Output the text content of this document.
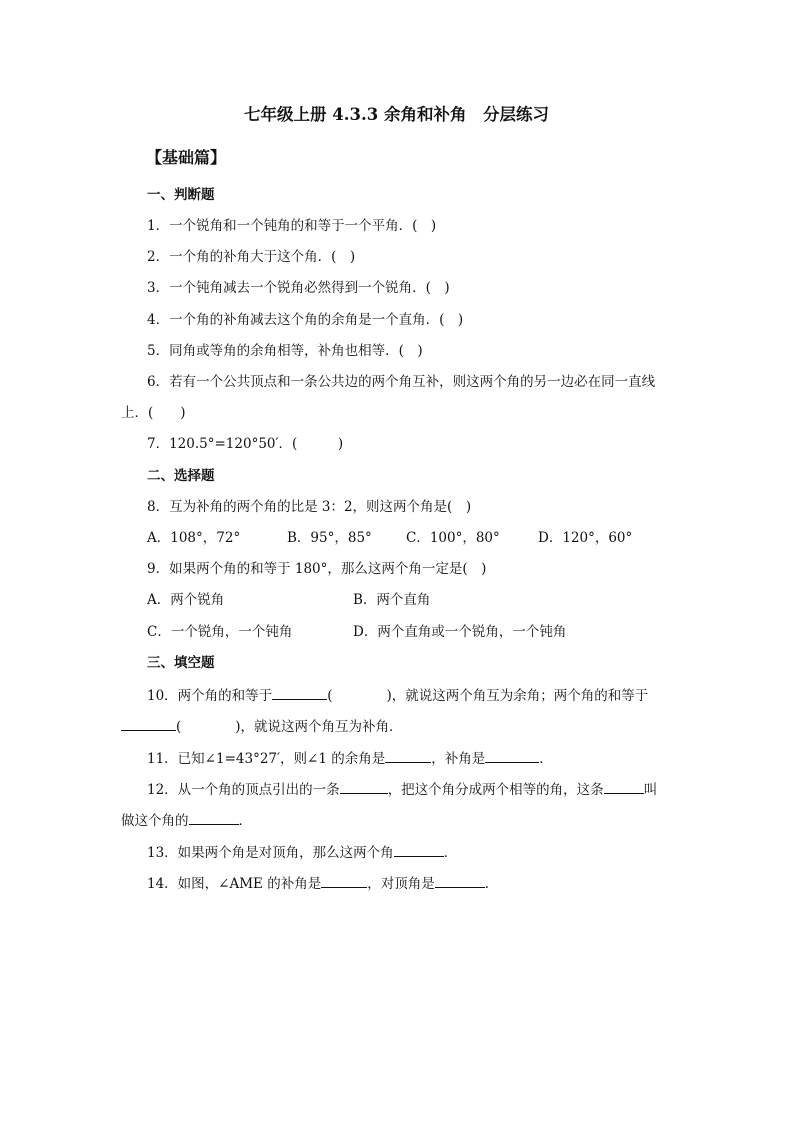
七年级上册 4.3.3 余角和补角　分层练习
【基础篇】
一、判断题
1．一个锐角和一个钝角的和等于一个平角．(　)
2．一个角的补角大于这个角．(　)
3．一个钝角减去一个锐角必然得到一个锐角．(　)
4．一个角的补角减去这个角的余角是一个直角．(　)
5．同角或等角的余角相等，补角也相等．(　)
6．若有一个公共顶点和一条公共边的两个角互补，则这两个角的另一边必在同一直线
上．(　　)
7．120.5°=120°50′．(　　　)
二、选择题
8．互为补角的两个角的比是 3：2，则这两个角是(　)
A．108°，72°	B．95°，85°	C．100°，80°	D．120°，60°
9．如果两个角的和等于 180°，那么这两个角一定是(　)
A．两个锐角	B．两个直角
C．一个锐角，一个钝角	D．两个直角或一个锐角，一个钝角
三、填空题
10．两个角的和等于	(　　　　)，就说这两个角互为余角；两个角的和等于
(　　　　)，就说这两个角互为补角．
11．已知∠1=43°27′，则∠1 的余角是	，补角是	．
12．从一个角的顶点引出的一条	，把这个角分成两个相等的角，这条	叫
做这个角的	．
13．如果两个角是对顶角，那么这两个角	．
14．如图，∠AME 的补角是	，对顶角是	．
